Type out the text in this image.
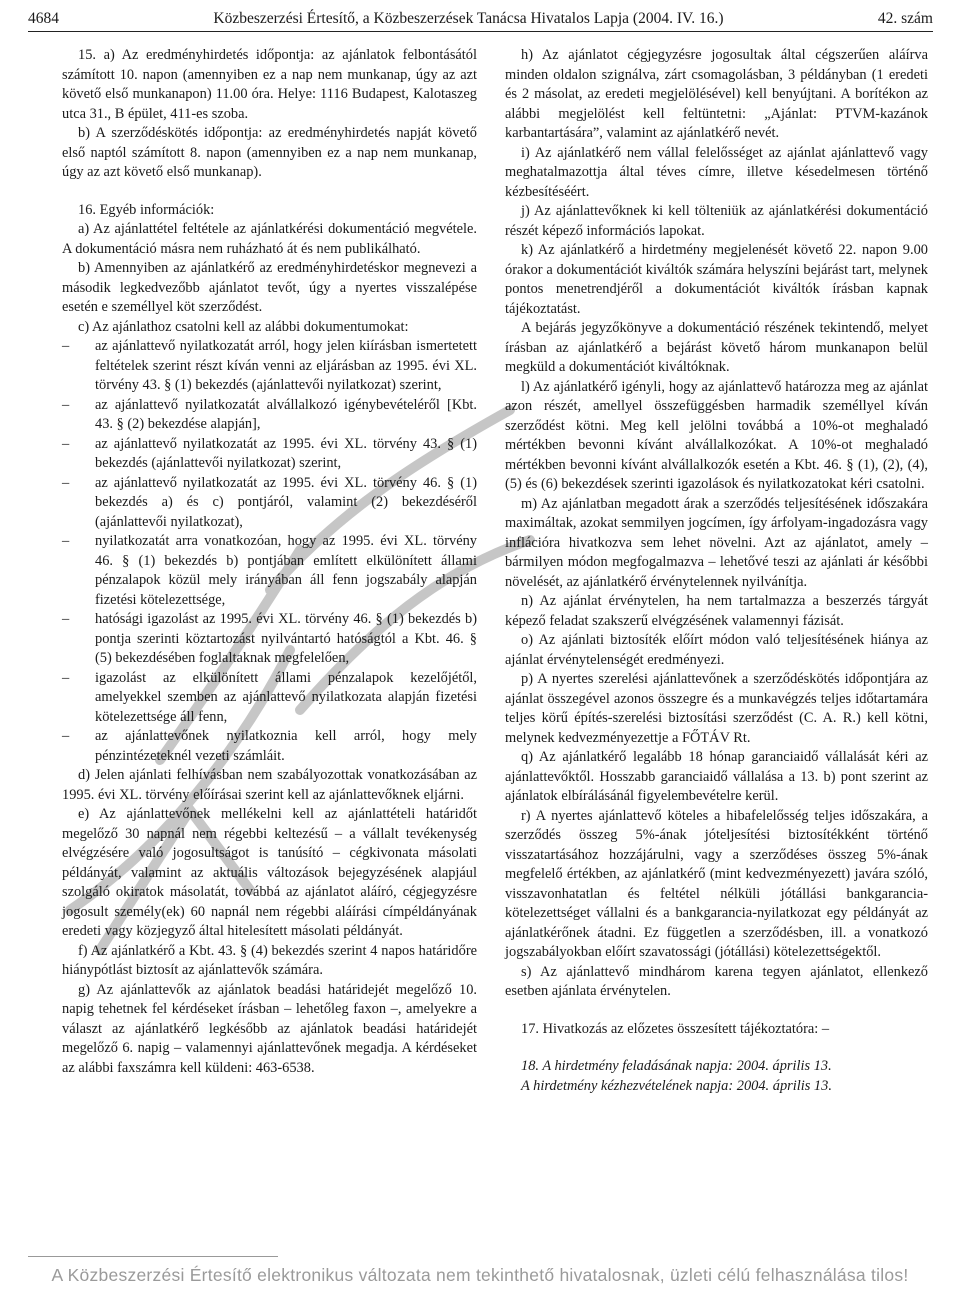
4684	Közbeszerzési Értesítő, a Közbeszerzések Tanácsa Hivatalos Lapja (2004. IV. 16.)	42. szám

15. a) Az eredményhirdetés időpontja: az ajánlatok felbontásától számított 10. napon (amennyiben ez a nap nem munkanap, úgy az azt követő első munkanapon) 11.00 óra. Helye: 1116 Budapest, Kalotaszeg utca 31., B épület, 411-es szoba.

b) A szerződéskötés időpontja: az eredményhirdetés napját követő első naptól számított 8. napon (amennyiben ez a nap nem munkanap, úgy az azt követő első munkanap).

16. Egyéb információk:

a) Az ajánlattétel feltétele az ajánlatkérési dokumentáció megvétele. A dokumentáció másra nem ruházható át és nem publikálható.

b) Amennyiben az ajánlatkérő az eredményhirdetéskor megnevezi a második legkedvezőbb ajánlatot tevőt, úgy a nyertes visszalépése esetén e személlyel köt szerződést.

c) Az ajánlathoz csatolni kell az alábbi dokumentumokat:

– az ajánlattevő nyilatkozatát arról, hogy jelen kiírásban ismertetett feltételek szerint részt kíván venni az eljárásban az 1995. évi XL. törvény 43. § (1) bekezdés (ajánlattevői nyilatkozat) szerint,
– az ajánlattevő nyilatkozatát alvállalkozó igénybevételéről [Kbt. 43. § (2) bekezdése alapján],
– az ajánlattevő nyilatkozatát az 1995. évi XL. törvény 43. § (1) bekezdés (ajánlattevői nyilatkozat) szerint,
– az ajánlattevő nyilatkozatát az 1995. évi XL. törvény 46. § (1) bekezdés a) és c) pontjáról, valamint (2) bekezdéséről (ajánlattevői nyilatkozat),
– nyilatkozatát arra vonatkozóan, hogy az 1995. évi XL. törvény 46. § (1) bekezdés b) pontjában említett elkülönített állami pénzalapok közül mely irányában áll fenn jogszabály alapján fizetési kötelezettsége,
– hatósági igazolást az 1995. évi XL. törvény 46. § (1) bekezdés b) pontja szerinti köztartozást nyilvántartó hatóságtól a Kbt. 46. § (5) bekezdésében foglaltaknak megfelelően,
– igazolást az elkülönített állami pénzalapok kezelőjétől, amelyekkel szemben az ajánlattevő nyilatkozata alapján fizetési kötelezettsége áll fenn,
– az ajánlattevőnek nyilatkoznia kell arról, hogy mely pénzintézeteknél vezeti számláit.

d) Jelen ajánlati felhívásban nem szabályozottak vonatkozásában az 1995. évi XL. törvény előírásai szerint kell az ajánlattevőknek eljárni.

e) Az ajánlattevőnek mellékelni kell az ajánlattételi határidőt megelőző 30 napnál nem régebbi keltezésű – a vállalt tevékenység elvégzésére való jogosultságot is tanúsító – cégkivonata másolati példányát, valamint az aktuális változások bejegyzésének alapjául szolgáló okiratok másolatát, továbbá az ajánlatot aláíró, cégjegyzésre jogosult személy(ek) 60 napnál nem régebbi aláírási címpéldányának eredeti vagy közjegyző által hitelesített másolati példányát.

f) Az ajánlatkérő a Kbt. 43. § (4) bekezdés szerint 4 napos határidőre hiánypótlást biztosít az ajánlattevők számára.

g) Az ajánlattevők az ajánlatok beadási határidejét megelőző 10. napig tehetnek fel kérdéseket írásban – lehetőleg faxon –, amelyekre a választ az ajánlatkérő legkésőbb az ajánlatok beadási határidejét megelőző 6. napig – valamennyi ajánlattevőnek megadja. A kérdéseket az alábbi faxszámra kell küldeni: 463-6538.

h) Az ajánlatot cégjegyzésre jogosultak által cégszerűen aláírva minden oldalon szignálva, zárt csomagolásban, 3 példányban (1 eredeti és 2 másolat, az eredeti megjelölésével) kell benyújtani. A borítékon az alábbi megjelölést kell feltüntetni: „Ajánlat: PTVM-kazánok karbantartására”, valamint az ajánlatkérő nevét.

i) Az ajánlatkérő nem vállal felelősséget az ajánlat ajánlattevő vagy meghatalmazottja által téves címre, illetve késedelmesen történő kézbesítéséért.

j) Az ajánlattevőknek ki kell tölteniük az ajánlatkérési dokumentáció részét képező információs lapokat.

k) Az ajánlatkérő a hirdetmény megjelenését követő 22. napon 9.00 órakor a dokumentációt kiváltók számára helyszíni bejárást tart, melynek pontos menetrendjéről a dokumentációt kiváltók írásban kapnak tájékoztatást.

A bejárás jegyzőkönyve a dokumentáció részének tekintendő, melyet írásban az ajánlatkérő a bejárást követő három munkanapon belül megküld a dokumentációt kiváltóknak.

l) Az ajánlatkérő igényli, hogy az ajánlattevő határozza meg az ajánlat azon részét, amellyel összefüggésben harmadik személlyel kíván szerződést kötni. Meg kell jelölni továbbá a 10%-ot meghaladó mértékben bevonni kívánt alvállalkozókat. A 10%-ot meghaladó mértékben bevonni kívánt alvállalkozók esetén a Kbt. 46. § (1), (2), (4), (5) és (6) bekezdések szerinti igazolások és nyilatkozatokat kéri csatolni.

m) Az ajánlatban megadott árak a szerződés teljesítésének időszakára maximáltak, azokat semmilyen jogcímen, így árfolyam-ingadozásra vagy inflációra hivatkozva sem lehet növelni. Azt az ajánlatot, amely – bármilyen módon megfogalmazva – lehetővé teszi az ajánlati ár későbbi növelését, az ajánlatkérő érvénytelennek nyilvánítja.

n) Az ajánlat érvénytelen, ha nem tartalmazza a beszerzés tárgyát képező feladat szakszerű elvégzésének valamennyi fázisát.

o) Az ajánlati biztosíték előírt módon való teljesítésének hiánya az ajánlat érvénytelenségét eredményezi.

p) A nyertes szerelési ajánlattevőnek a szerződéskötés időpontjára az ajánlat összegével azonos összegre és a munkavégzés teljes időtartamára teljes körű építés-szerelési biztosítási szerződést (C. A. R.) kell kötni, melynek kedvezményezettje a FŐTÁV Rt.

q) Az ajánlatkérő legalább 18 hónap garanciaidő vállalását kéri az ajánlattevőktől. Hosszabb garanciaidő vállalása a 13. b) pont szerint az ajánlatok elbírálásánál figyelembevételre kerül.

r) A nyertes ajánlattevő köteles a hibafelelősség teljes időszakára, a szerződés összeg 5%-ának jóteljesítési biztosítékként történő visszatartásához hozzájárulni, vagy a szerződéses összeg 5%-ának megfelelő értékben, az ajánlatkérő (mint kedvezményezett) javára szóló, visszavonhatatlan és feltétel nélküli jótállási bankgarancia-kötelezettséget vállalni és a bankgarancia-nyilatkozat egy példányát az ajánlatkérőnek átadni. Ez független a szerződésben, ill. a vonatkozó jogszabályokban előírt szavatossági (jótállási) kötelezettségektől.

s) Az ajánlattevő mindhárom karena tegyen ajánlatot, ellenkező esetben ajánlata érvénytelen.

17. Hivatkozás az előzetes összesített tájékoztatóra: –

18. A hirdetmény feladásának napja: 2004. április 13.

A hirdetmény kézhezvételének napja: 2004. április 13.

A Közbeszerzési Értesítő elektronikus változata nem tekinthető hivatalosnak, üzleti célú felhasználása tilos!
